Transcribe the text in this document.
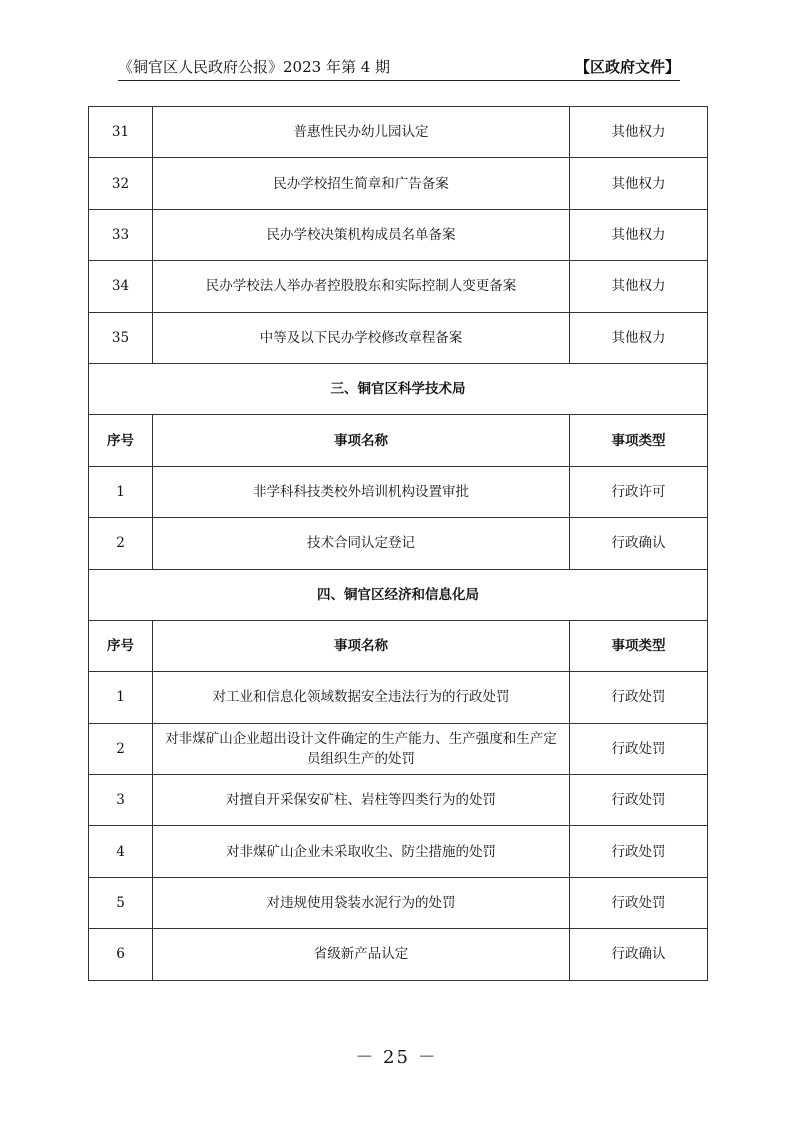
《铜官区人民政府公报》2023 年第 4 期	【区政府文件】
31	普惠性民办幼儿园认定	其他权力
32	民办学校招生简章和广告备案	其他权力
33	民办学校决策机构成员名单备案	其他权力
34	民办学校法人举办者控股股东和实际控制人变更备案	其他权力
35	中等及以下民办学校修改章程备案	其他权力
三、铜官区科学技术局		
序号	事项名称	事项类型
1	非学科科技类校外培训机构设置审批	行政许可
2	技术合同认定登记	行政确认
四、铜官区经济和信息化局		
序号	事项名称	事项类型
1	对工业和信息化领域数据安全违法行为的行政处罚	行政处罚
2	对非煤矿山企业超出设计文件确定的生产能力、生产强度和生产定员组织生产的处罚	行政处罚
3	对擅自开采保安矿柱、岩柱等四类行为的处罚	行政处罚
4	对非煤矿山企业未采取收尘、防尘措施的处罚	行政处罚
5	对违规使用袋装水泥行为的处罚	行政处罚
6	省级新产品认定	行政确认
－ 25 －
